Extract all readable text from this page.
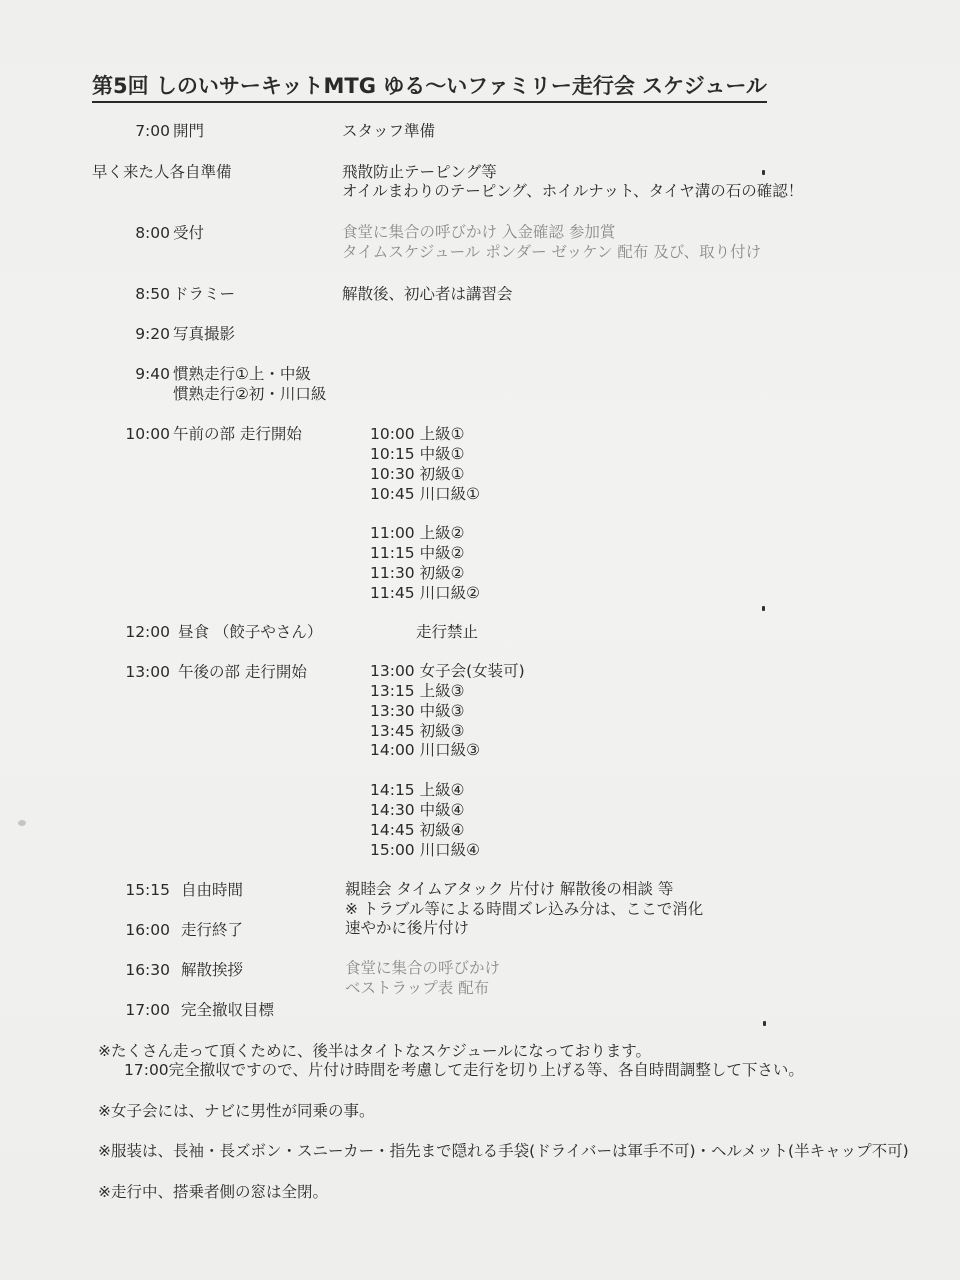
第5回 しのいサーキットMTG ゆる～いファミリー走行会 スケジュール
7:00 開門	スタッフ準備
早く来た人各自準備	飛散防止テーピング等
オイルまわりのテーピング、ホイルナット、タイヤ溝の石の確認！
8:00 受付	食堂に集合の呼びかけ 入金確認 参加賞
タイムスケジュール ポンダー ゼッケン 配布 及び、取り付け
8:50 ドラミー	解散後、初心者は講習会
9:20 写真撮影
9:40 慣熟走行①上・中級
慣熟走行②初・川口級
10:00 午前の部 走行開始	10:00 上級①
10:15 中級①
10:30 初級①
10:45 川口級①
11:00 上級②
11:15 中級②
11:30 初級②
11:45 川口級②
12:00 昼食 （餃子やさん）	走行禁止
13:00 午後の部 走行開始	13:00 女子会(女装可)
13:15 上級③
13:30 中級③
13:45 初級③
14:00 川口級③
14:15 上級④
14:30 中級④
14:45 初級④
15:00 川口級④
15:15 自由時間	親睦会 タイムアタック 片付け 解散後の相談 等
※ トラブル等による時間ズレ込み分は、ここで消化
速やかに後片付け
16:00 走行終了
16:30 解散挨拶	食堂に集合の呼びかけ
ベストラップ表 配布
17:00 完全撤収目標
※たくさん走って頂くために、後半はタイトなスケジュールになっております。
17:00完全撤収ですので、片付け時間を考慮して走行を切り上げる等、各自時間調整して下さい。
※女子会には、ナビに男性が同乗の事。
※服装は、長袖・長ズボン・スニーカー・指先まで隠れる手袋(ドライバーは軍手不可)・ヘルメット(半キャップ不可)
※走行中、搭乗者側の窓は全閉。
